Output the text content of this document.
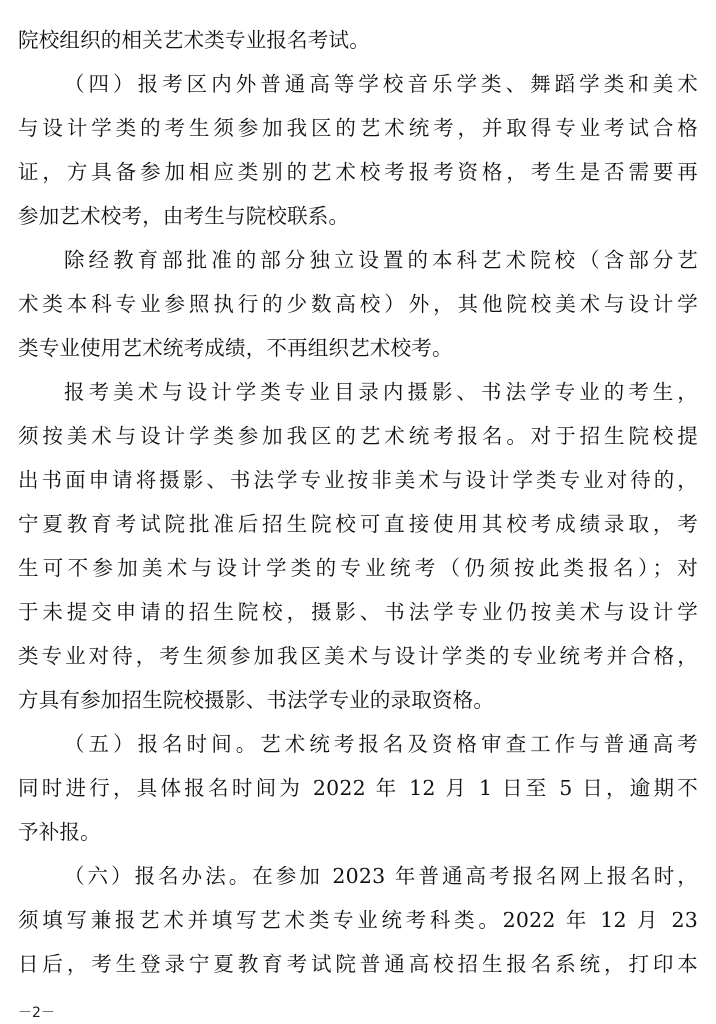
院校组织的相关艺术类专业报名考试。
（四）报考区内外普通高等学校音乐学类、舞蹈学类和美术
与设计学类的考生须参加我区的艺术统考，并取得专业考试合格
证，方具备参加相应类别的艺术校考报考资格，考生是否需要再
参加艺术校考，由考生与院校联系。
除经教育部批准的部分独立设置的本科艺术院校（含部分艺
术类本科专业参照执行的少数高校）外，其他院校美术与设计学
类专业使用艺术统考成绩，不再组织艺术校考。
报考美术与设计学类专业目录内摄影、书法学专业的考生，
须按美术与设计学类参加我区的艺术统考报名。对于招生院校提
出书面申请将摄影、书法学专业按非美术与设计学类专业对待的，
宁夏教育考试院批准后招生院校可直接使用其校考成绩录取，考
生可不参加美术与设计学类的专业统考（仍须按此类报名）；对
于未提交申请的招生院校，摄影、书法学专业仍按美术与设计学
类专业对待，考生须参加我区美术与设计学类的专业统考并合格，
方具有参加招生院校摄影、书法学专业的录取资格。
（五）报名时间。艺术统考报名及资格审查工作与普通高考
同时进行，具体报名时间为 2022 年 12 月 1 日至 5 日，逾期不
予补报。
（六）报名办法。在参加 2023 年普通高考报名网上报名时，
须填写兼报艺术并填写艺术类专业统考科类。2022 年 12 月 23
日后，考生登录宁夏教育考试院普通高校招生报名系统，打印本
－2－
